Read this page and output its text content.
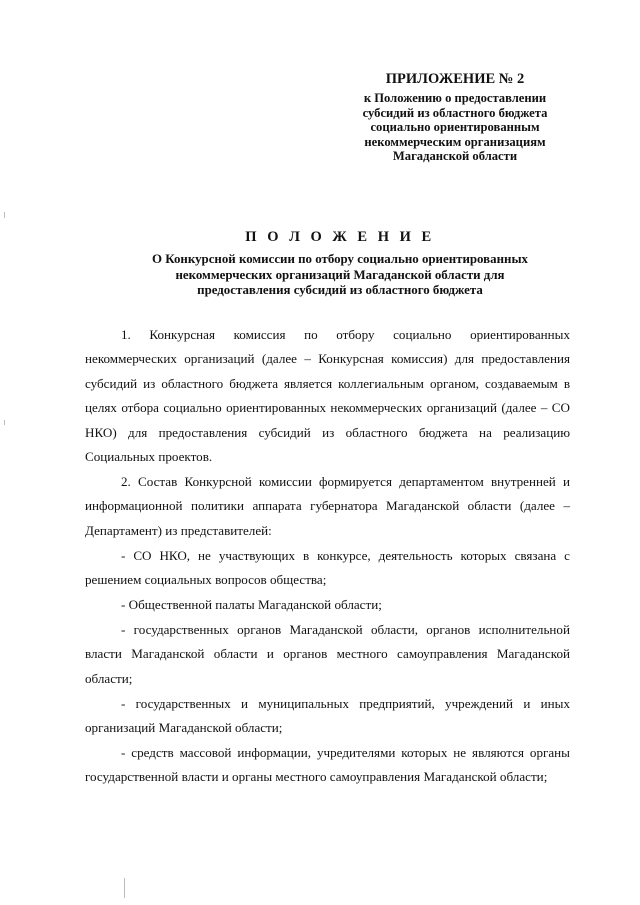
ПРИЛОЖЕНИЕ № 2
к Положению о предоставлении
субсидий из областного бюджета
социально ориентированным
некоммерческим организациям
Магаданской области
П О Л О Ж Е Н И Е
О Конкурсной комиссии по отбору социально ориентированных
некоммерческих организаций Магаданской области для
предоставления субсидий из областного бюджета

1. Конкурсная комиссия по отбору социально ориентированных некоммерческих организаций (далее – Конкурсная комиссия) для предоставления субсидий из областного бюджета является коллегиальным органом, создаваемым в целях отбора социально ориентированных некоммерческих организаций (далее – СО НКО) для предоставления субсидий из областного бюджета на реализацию Социальных проектов.

2. Состав Конкурсной комиссии формируется департаментом внутренней и информационной политики аппарата губернатора Магаданской области (далее – Департамент) из представителей:

- СО НКО, не участвующих в конкурсе, деятельность которых связана с решением социальных вопросов общества;

- Общественной палаты Магаданской области;

- государственных органов Магаданской области, органов исполнительной власти Магаданской области и органов местного самоуправления Магаданской области;

- государственных и муниципальных предприятий, учреждений и иных организаций Магаданской области;

- средств массовой информации, учредителями которых не являются органы государственной власти и органы местного самоуправления Магаданской области;
